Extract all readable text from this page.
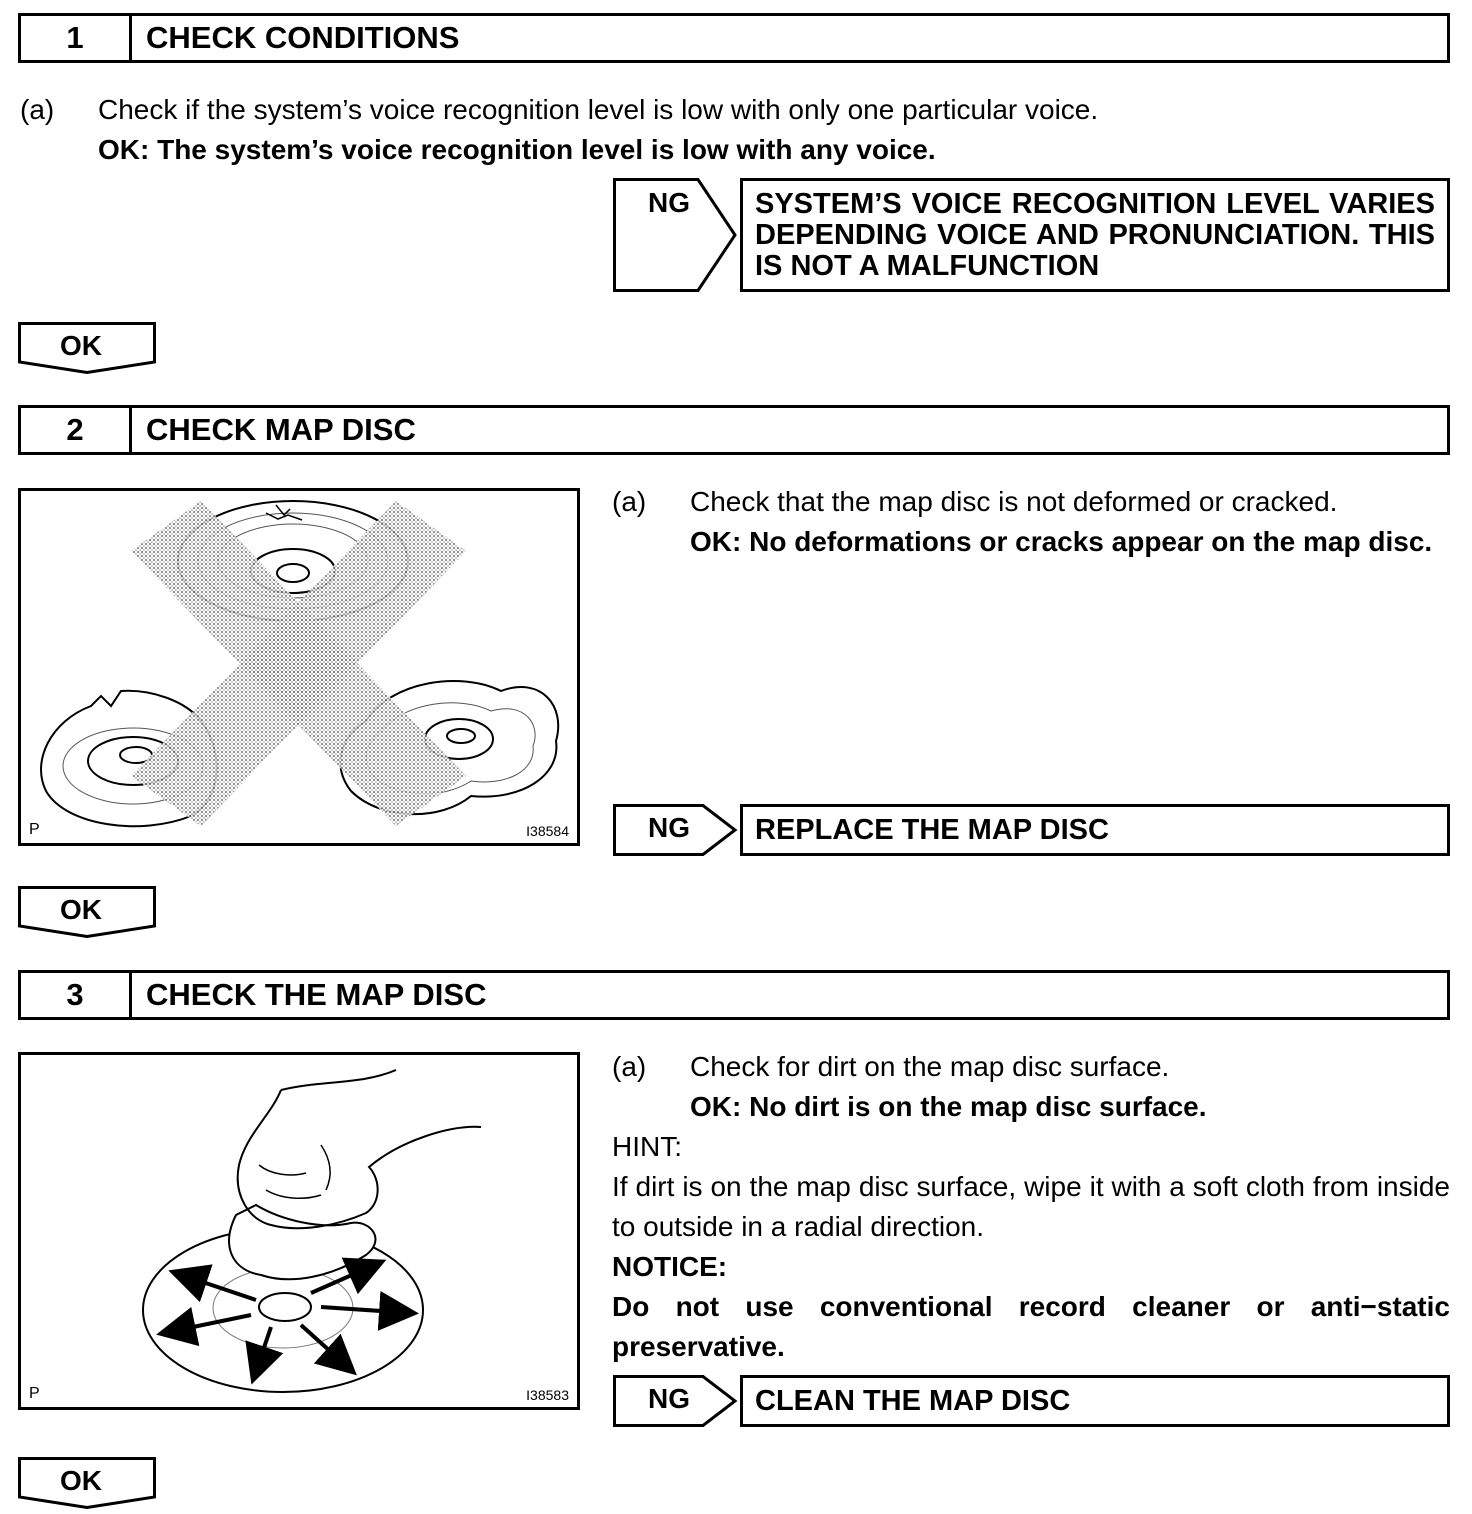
1	CHECK CONDITIONS
(a) Check if the system’s voice recognition level is low with only one particular voice.
OK: The system’s voice recognition level is low with any voice.
NG	SYSTEM’S VOICE RECOGNITION LEVEL VARIES DEPENDING VOICE AND PRONUNCIATION. THIS IS NOT A MALFUNCTION
OK
2	CHECK MAP DISC
P	I38584
(a) Check that the map disc is not deformed or cracked.
OK: No deformations or cracks appear on the map disc.
NG	REPLACE THE MAP DISC
OK
3	CHECK THE MAP DISC
P	I38583
(a) Check for dirt on the map disc surface.
OK: No dirt is on the map disc surface.
HINT:
If dirt is on the map disc surface, wipe it with a soft cloth from inside to outside in a radial direction.
NOTICE:
Do not use conventional record cleaner or anti−static preservative.
NG	CLEAN THE MAP DISC
OK
